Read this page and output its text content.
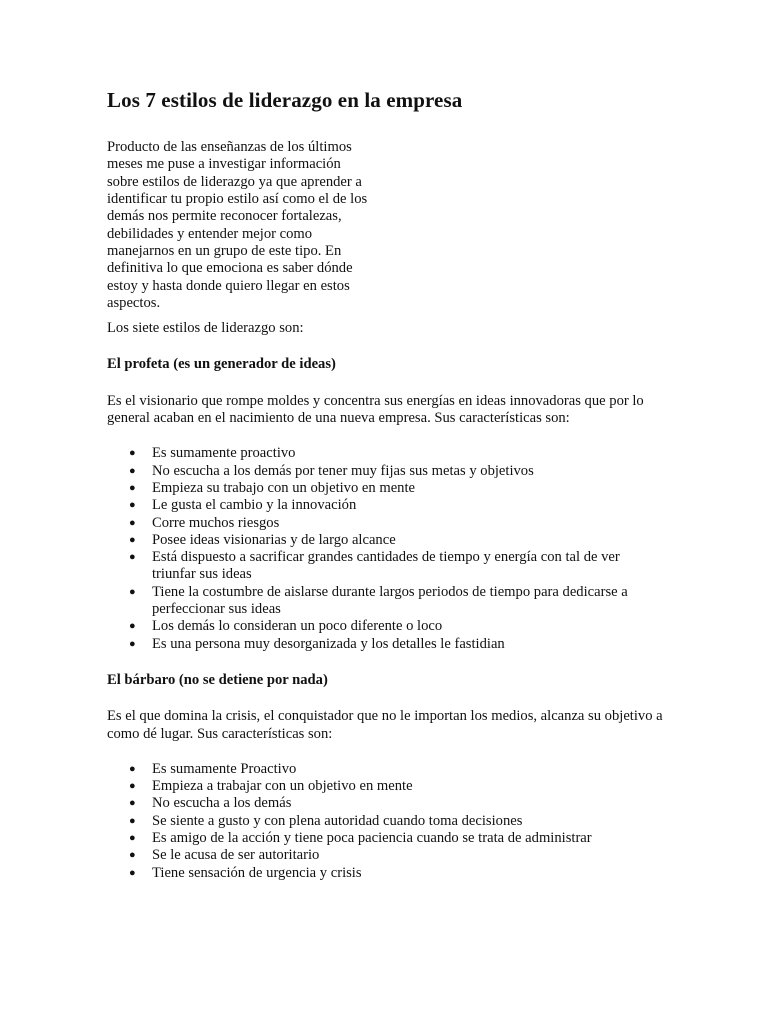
Los 7 estilos de liderazgo en la empresa

Producto de las enseñanzas de los últimos meses me puse a investigar información sobre estilos de liderazgo ya que aprender a identificar tu propio estilo así como el de los demás nos permite reconocer fortalezas, debilidades y entender mejor como manejarnos en un grupo de este tipo. En definitiva lo que emociona es saber dónde estoy y hasta donde quiero llegar en estos aspectos.

Los siete estilos de liderazgo son:

El profeta (es un generador de ideas)

Es el visionario que rompe moldes y concentra sus energías en ideas innovadoras que por lo general acaban en el nacimiento de una nueva empresa. Sus características son:

● Es sumamente proactivo
● No escucha a los demás por tener muy fijas sus metas y objetivos
● Empieza su trabajo con un objetivo en mente
● Le gusta el cambio y la innovación
● Corre muchos riesgos
● Posee ideas visionarias y de largo alcance
● Está dispuesto a sacrificar grandes cantidades de tiempo y energía con tal de ver triunfar sus ideas
● Tiene la costumbre de aislarse durante largos periodos de tiempo para dedicarse a perfeccionar sus ideas
● Los demás lo consideran un poco diferente o loco
● Es una persona muy desorganizada y los detalles le fastidian
El bárbaro (no se detiene por nada)

Es el que domina la crisis, el conquistador que no le importan los medios, alcanza su objetivo a como dé lugar. Sus características son:

● Es sumamente Proactivo
● Empieza a trabajar con un objetivo en mente
● No escucha a los demás
● Se siente a gusto y con plena autoridad cuando toma decisiones
● Es amigo de la acción y tiene poca paciencia cuando se trata de administrar
● Se le acusa de ser autoritario
● Tiene sensación de urgencia y crisis
